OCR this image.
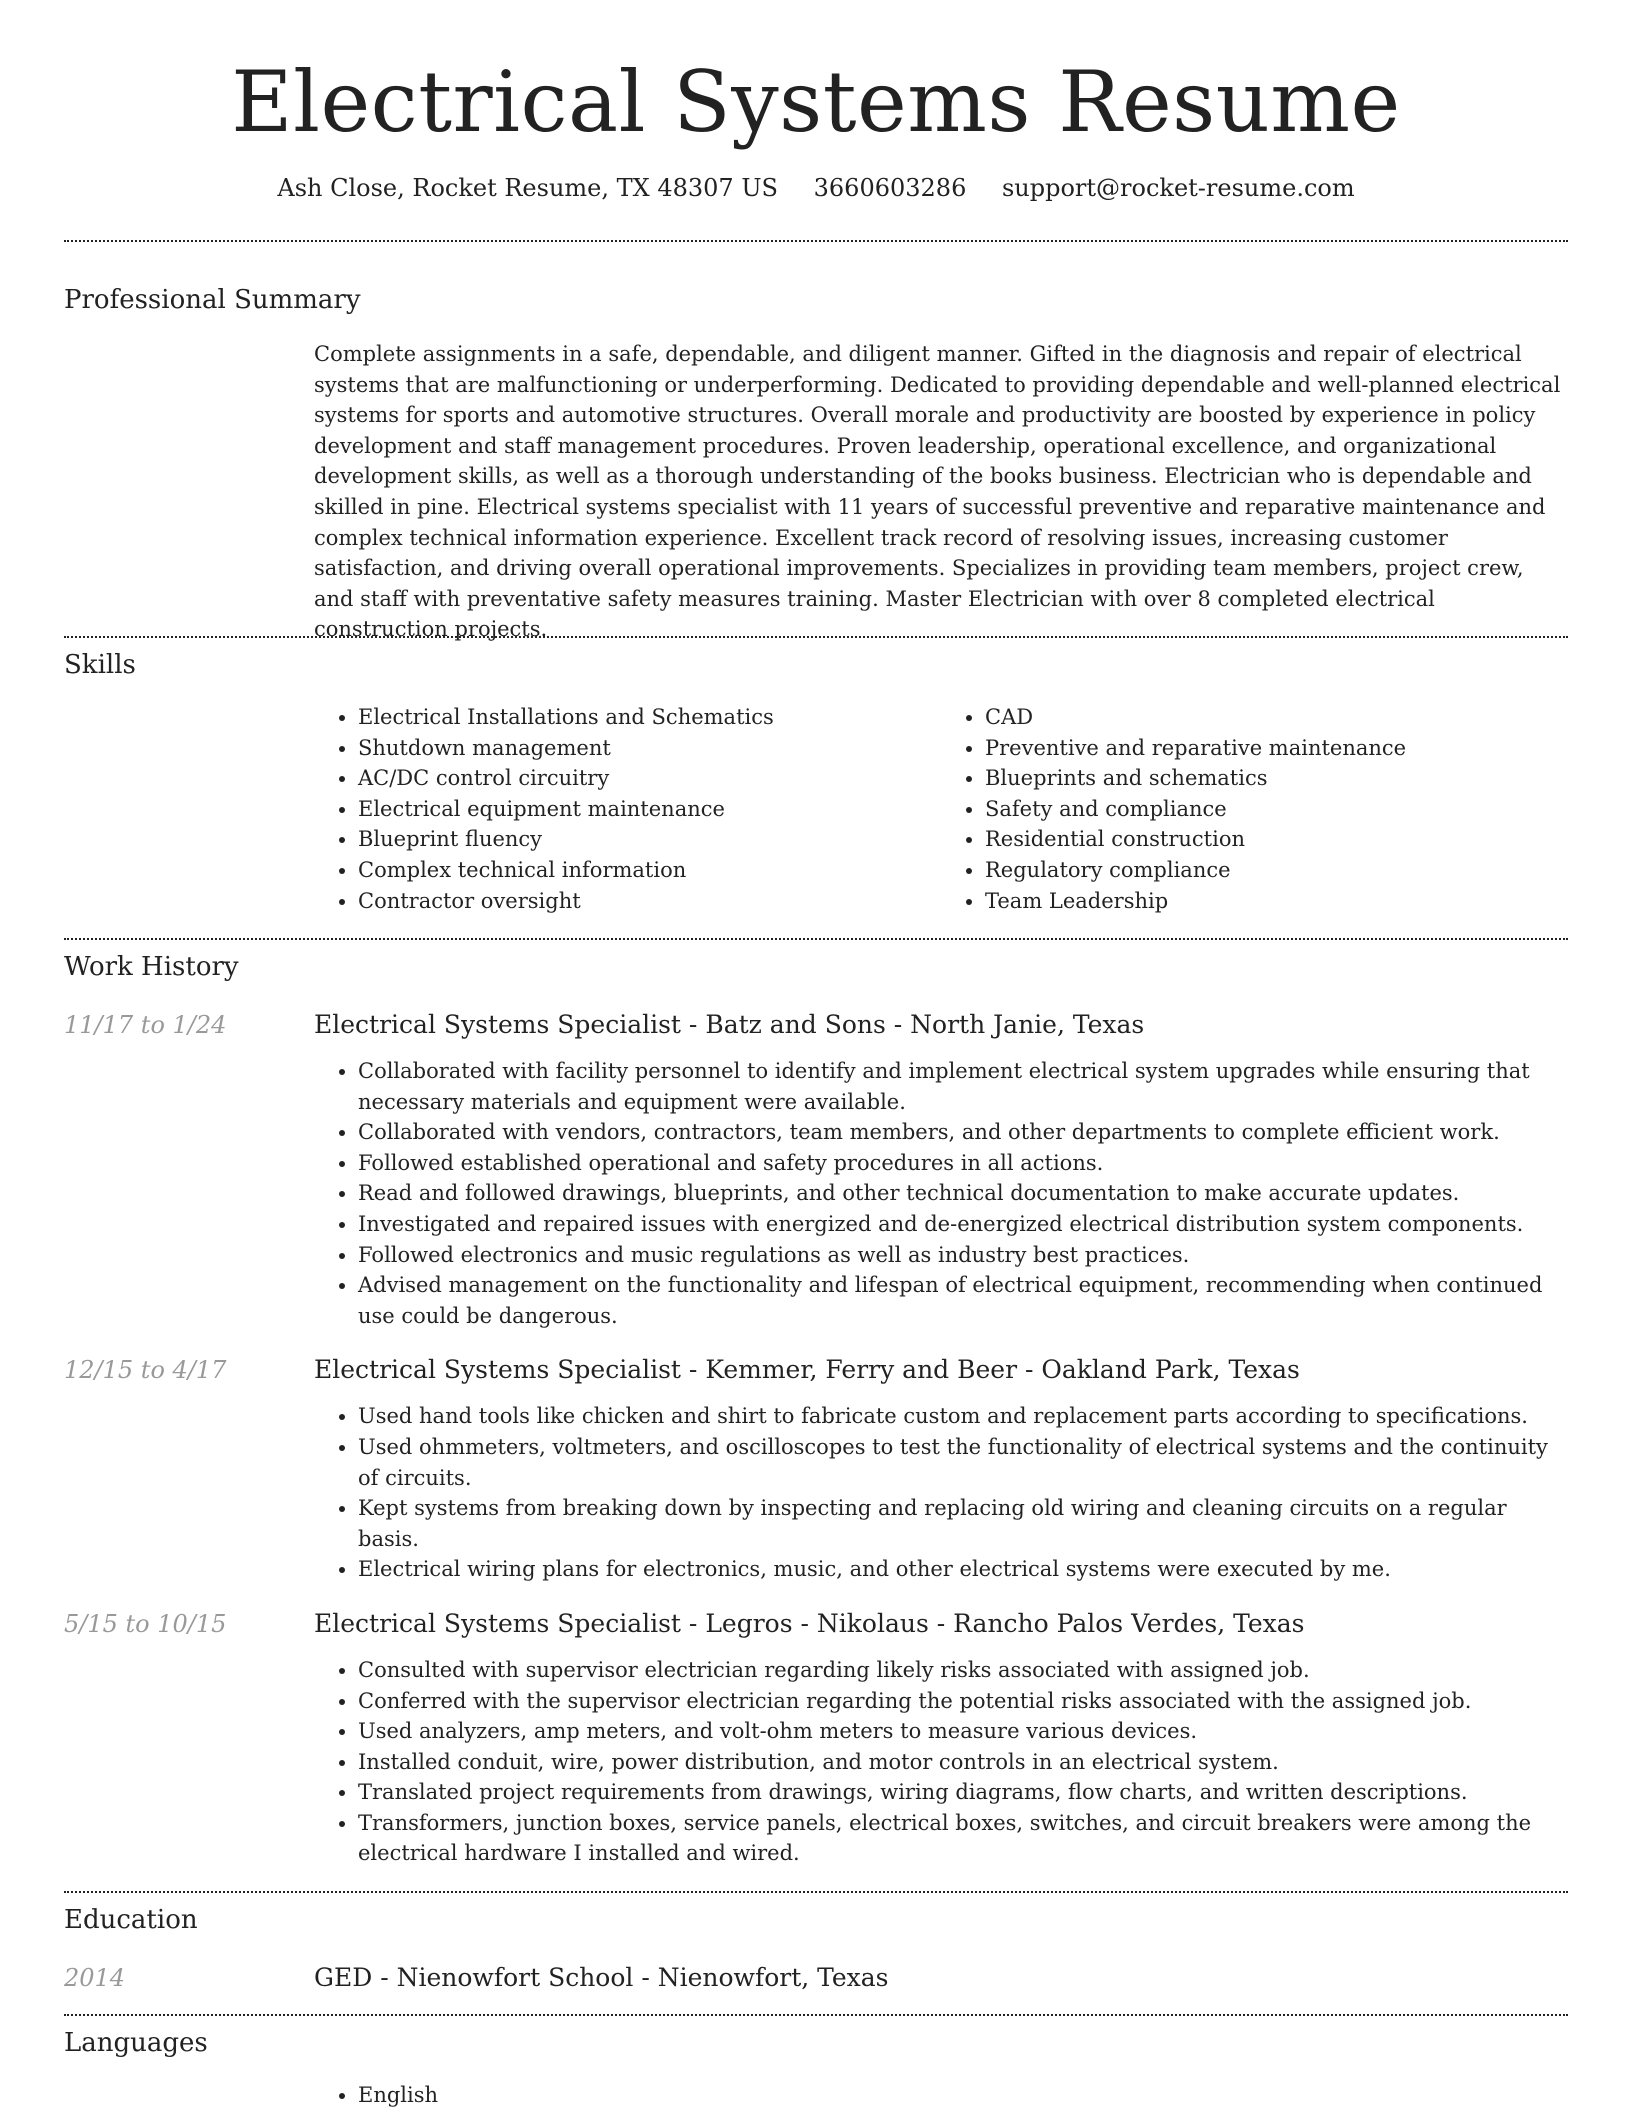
Electrical Systems Resume
Ash Close, Rocket Resume, TX 48307 US 3660603286 support@rocket-resume.com
Professional Summary
Complete assignments in a safe, dependable, and diligent manner. Gifted in the diagnosis and repair of electrical systems that are malfunctioning or underperforming. Dedicated to providing dependable and well-planned electrical systems for sports and automotive structures. Overall morale and productivity are boosted by experience in policy development and staff management procedures. Proven leadership, operational excellence, and organizational development skills, as well as a thorough understanding of the books business. Electrician who is dependable and skilled in pine. Electrical systems specialist with 11 years of successful preventive and reparative maintenance and complex technical information experience. Excellent track record of resolving issues, increasing customer satisfaction, and driving overall operational improvements. Specializes in providing team members, project crew, and staff with preventative safety measures training. Master Electrician with over 8 completed electrical construction projects.
Skills
• Electrical Installations and Schematics
• Shutdown management
• AC/DC control circuitry
• Electrical equipment maintenance
• Blueprint fluency
• Complex technical information
• Contractor oversight
• CAD
• Preventive and reparative maintenance
• Blueprints and schematics
• Safety and compliance
• Residential construction
• Regulatory compliance
• Team Leadership
Work History
11/17 to 1/24	Electrical Systems Specialist - Batz and Sons - North Janie, Texas
• Collaborated with facility personnel to identify and implement electrical system upgrades while ensuring that necessary materials and equipment were available.
• Collaborated with vendors, contractors, team members, and other departments to complete efficient work.
• Followed established operational and safety procedures in all actions.
• Read and followed drawings, blueprints, and other technical documentation to make accurate updates.
• Investigated and repaired issues with energized and de-energized electrical distribution system components.
• Followed electronics and music regulations as well as industry best practices.
• Advised management on the functionality and lifespan of electrical equipment, recommending when continued use could be dangerous.
12/15 to 4/17	Electrical Systems Specialist - Kemmer, Ferry and Beer - Oakland Park, Texas
• Used hand tools like chicken and shirt to fabricate custom and replacement parts according to specifications.
• Used ohmmeters, voltmeters, and oscilloscopes to test the functionality of electrical systems and the continuity of circuits.
• Kept systems from breaking down by inspecting and replacing old wiring and cleaning circuits on a regular basis.
• Electrical wiring plans for electronics, music, and other electrical systems were executed by me.
5/15 to 10/15	Electrical Systems Specialist - Legros - Nikolaus - Rancho Palos Verdes, Texas
• Consulted with supervisor electrician regarding likely risks associated with assigned job.
• Conferred with the supervisor electrician regarding the potential risks associated with the assigned job.
• Used analyzers, amp meters, and volt-ohm meters to measure various devices.
• Installed conduit, wire, power distribution, and motor controls in an electrical system.
• Translated project requirements from drawings, wiring diagrams, flow charts, and written descriptions.
• Transformers, junction boxes, service panels, electrical boxes, switches, and circuit breakers were among the electrical hardware I installed and wired.
Education
2014	GED - Nienowfort School - Nienowfort, Texas
Languages
• English
